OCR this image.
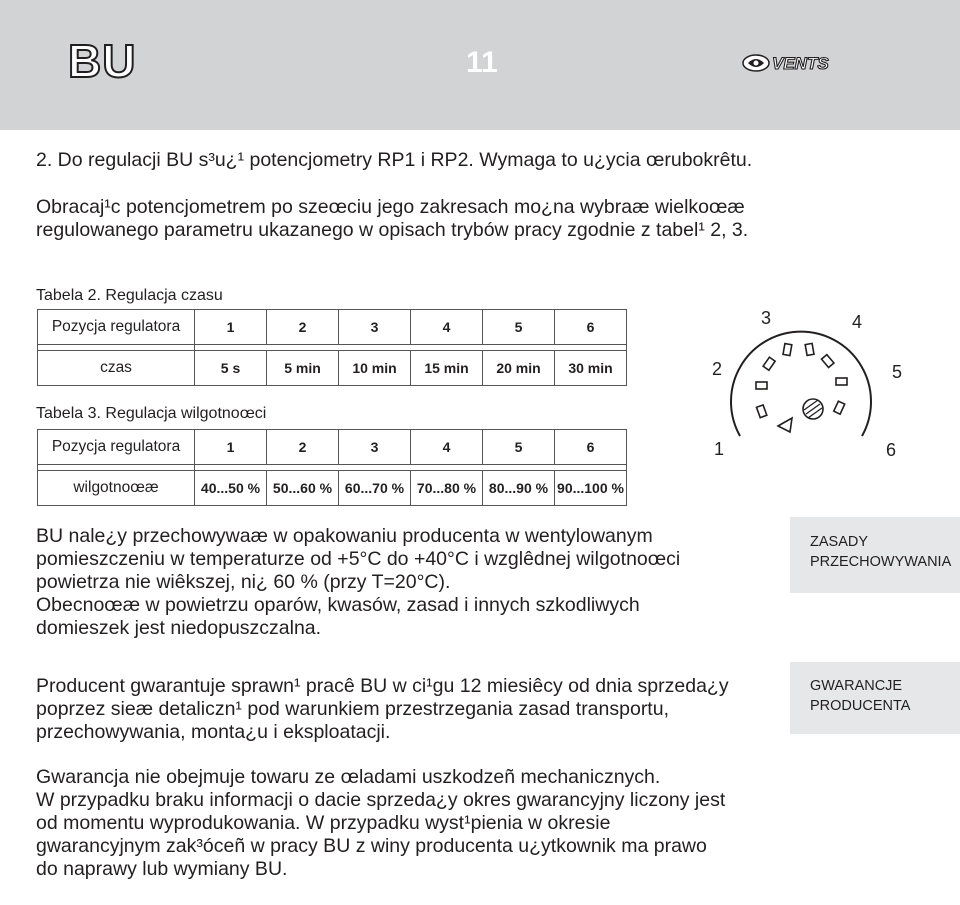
BU	11	VENTS

2. Do regulacji BU s³u¿¹ potencjometry RP1 i RP2. Wymaga to u¿ycia œrubokrêtu.

Obracaj¹c potencjometrem po szeœciu jego zakresach mo¿na wybraæ wielkoœæ

regulowanego parametru ukazanego w opisach trybów pracy zgodnie z tabel¹ 2, 3.

Tabela 2. Regulacja czasu
Pozycja regulatora	1	2	3	4	5	6

czas	5 s	5 min	10 min	15 min	20 min	30 min
Tabela 3. Regulacja wilgotnoœci
Pozycja regulatora	1	2	3	4	5	6

wilgotnoœæ	40...50 %	50...60 %	60...70 %	70...80 %	80...90 %	90...100 %
1
2
3	4
5
6
ZASADY
PRZECHOWYWANIA

BU nale¿y przechowywaæ w opakowaniu producenta w wentylowanym
pomieszczeniu w temperaturze od +5°C do +40°C i wzglêdnej wilgotnoœci
powietrza nie wiêkszej, ni¿ 60 % (przy T=20°C).
Obecnoœæ w powietrzu oparów, kwasów, zasad i innych szkodliwych
domieszek jest niedopuszczalna.

GWARANCJE
PRODUCENTA

Producent gwarantuje sprawn¹ pracê BU w ci¹gu 12 miesiêcy od dnia sprzeda¿y
poprzez sieæ detaliczn¹ pod warunkiem przestrzegania zasad transportu,
przechowywania, monta¿u i eksploatacji.

Gwarancja nie obejmuje towaru ze œladami uszkodzeñ mechanicznych.
W przypadku braku informacji o dacie sprzeda¿y okres gwarancyjny liczony jest
od momentu wyprodukowania. W przypadku wyst¹pienia w okresie
gwarancyjnym zak³óceñ w pracy BU z winy producenta u¿ytkownik ma prawo
do naprawy lub wymiany BU.
